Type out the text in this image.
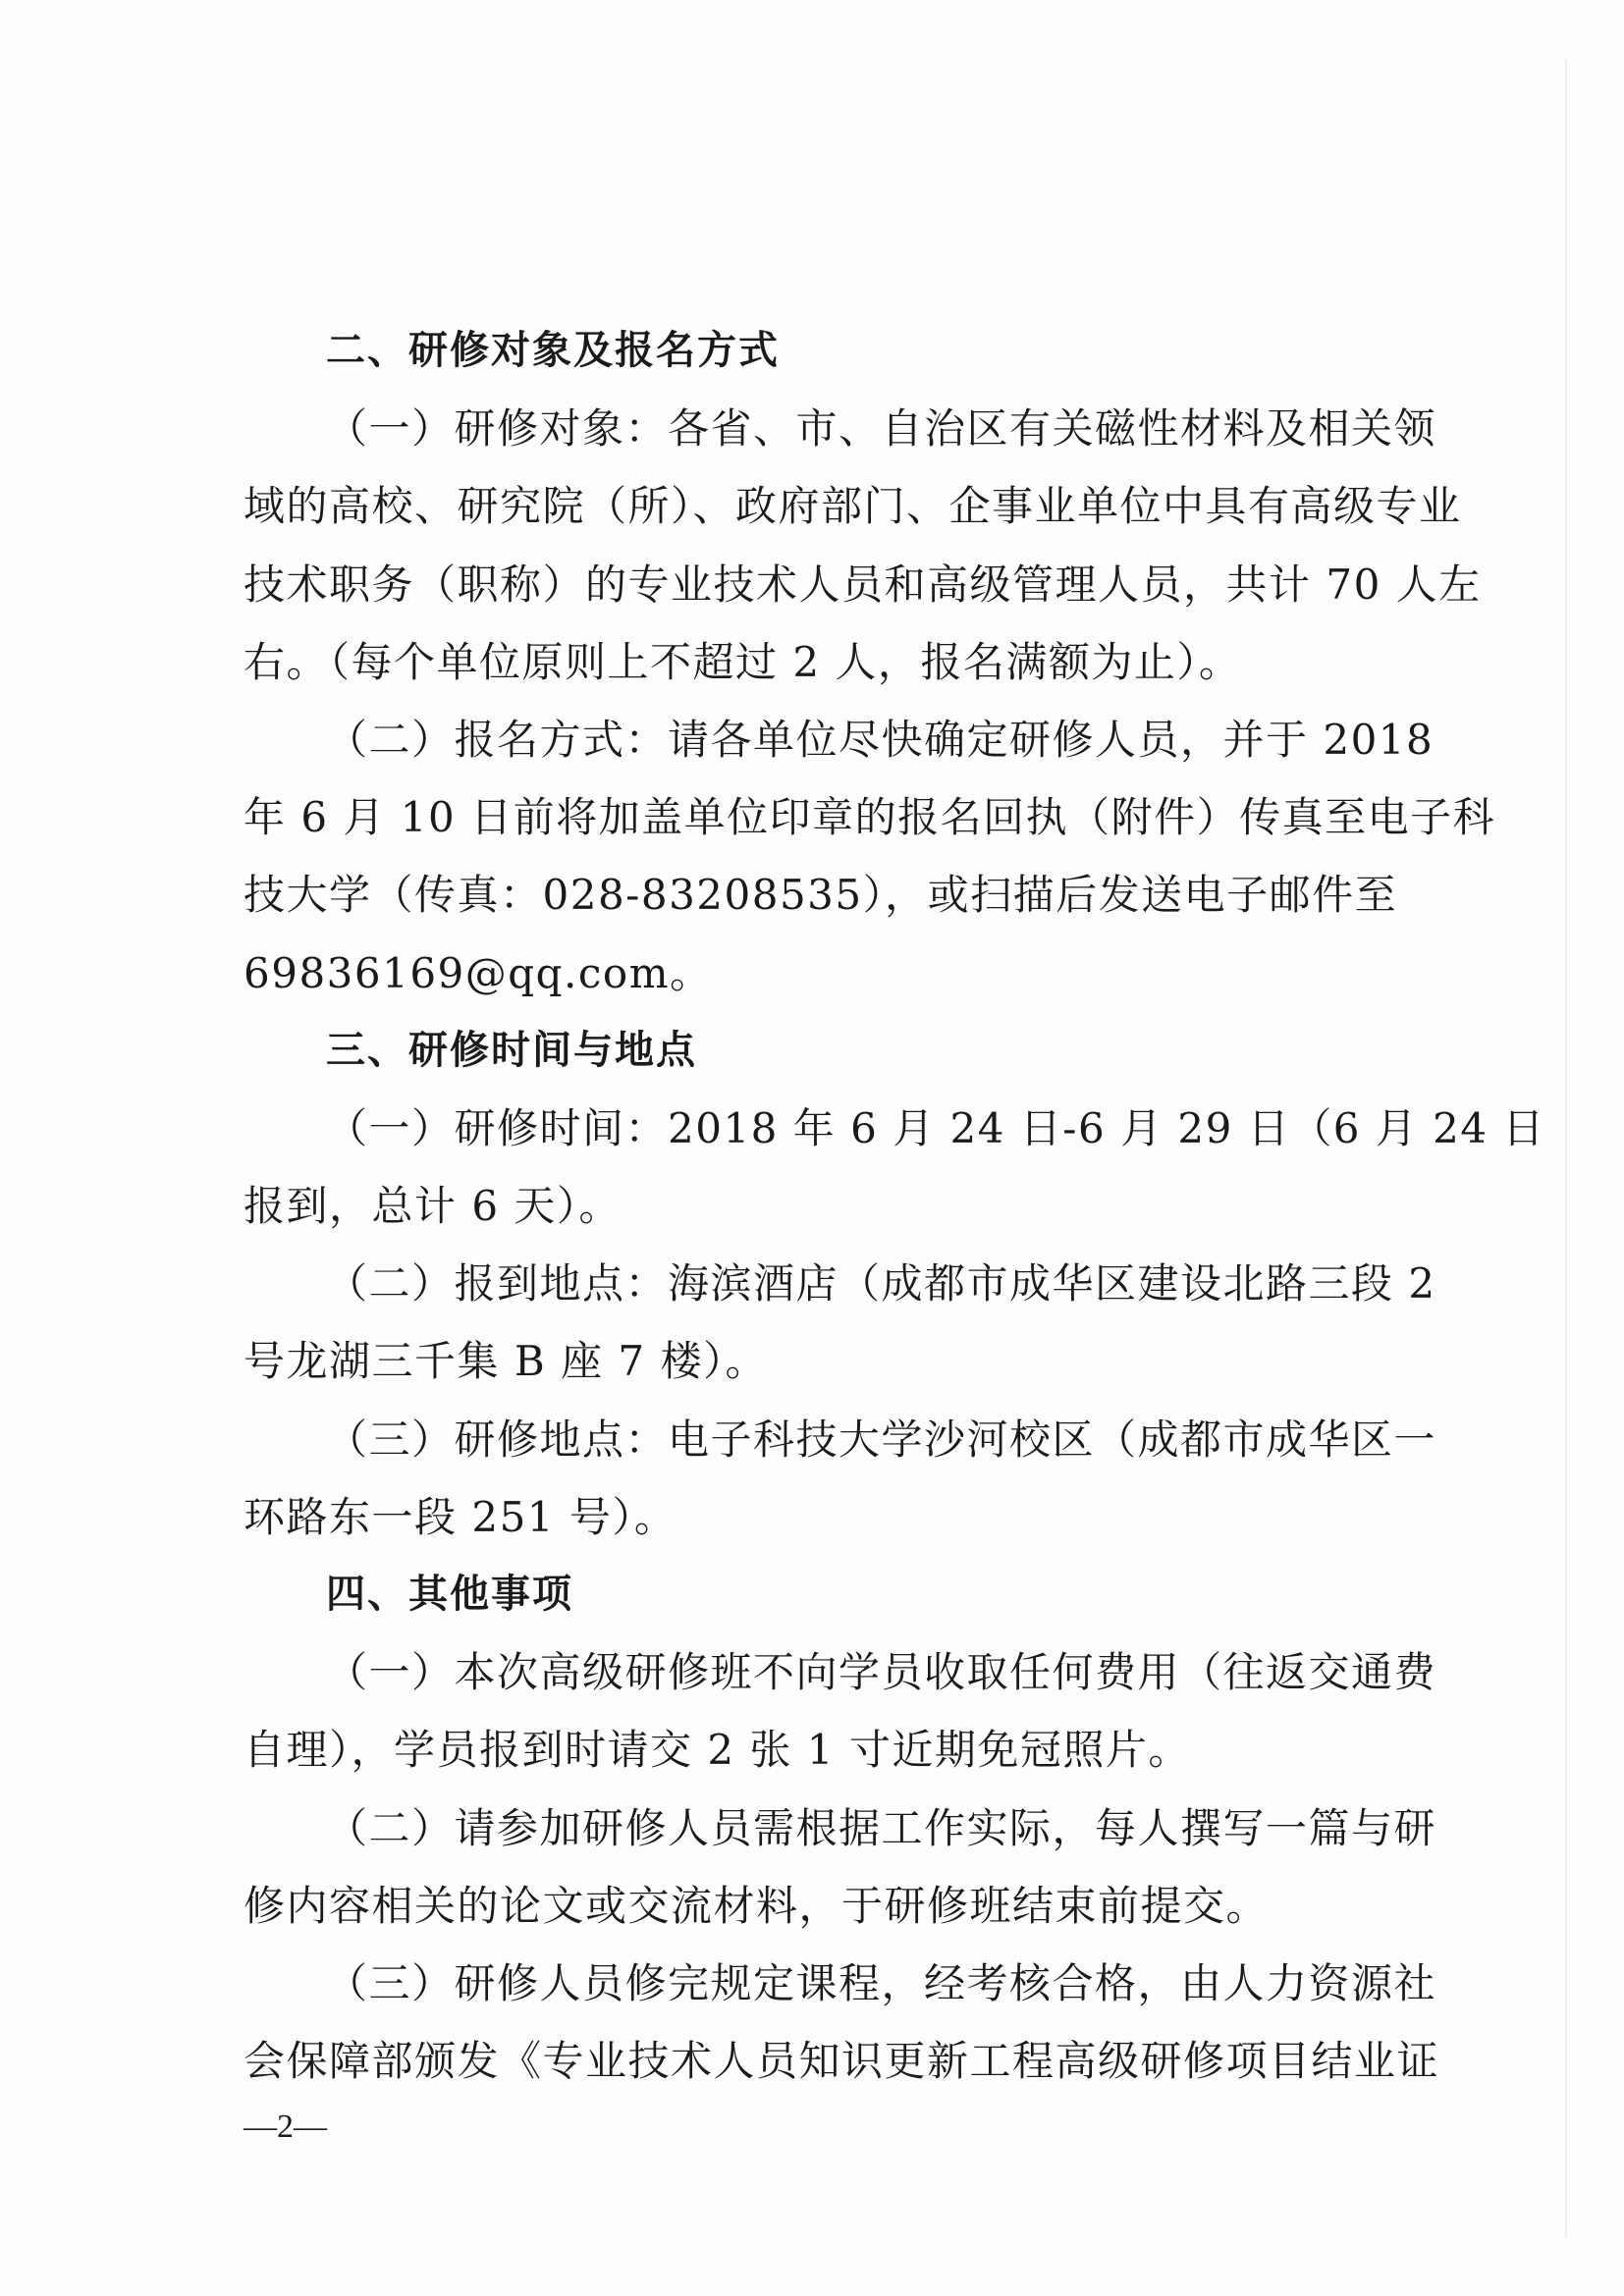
二、研修对象及报名方式
（一）研修对象：各省、市、自治区有关磁性材料及相关领
域的高校、研究院（所）、政府部门、企事业单位中具有高级专业
技术职务（职称）的专业技术人员和高级管理人员，共计 70 人左
右。（每个单位原则上不超过 2 人，报名满额为止）。
（二）报名方式：请各单位尽快确定研修人员，并于 2018
年 6 月 10 日前将加盖单位印章的报名回执（附件）传真至电子科
技大学（传真：028-83208535），或扫描后发送电子邮件至
69836169@qq.com。
三、研修时间与地点
（一）研修时间：2018 年 6 月 24 日-6 月 29 日（6 月 24 日
报到，总计 6 天）。
（二）报到地点：海滨酒店（成都市成华区建设北路三段 2
号龙湖三千集 B 座 7 楼）。
（三）研修地点：电子科技大学沙河校区（成都市成华区一
环路东一段 251 号）。
四、其他事项
（一）本次高级研修班不向学员收取任何费用（往返交通费
自理），学员报到时请交 2 张 1 寸近期免冠照片。
（二）请参加研修人员需根据工作实际，每人撰写一篇与研
修内容相关的论文或交流材料，于研修班结束前提交。
（三）研修人员修完规定课程，经考核合格，由人力资源社
会保障部颁发《专业技术人员知识更新工程高级研修项目结业证
—2—
